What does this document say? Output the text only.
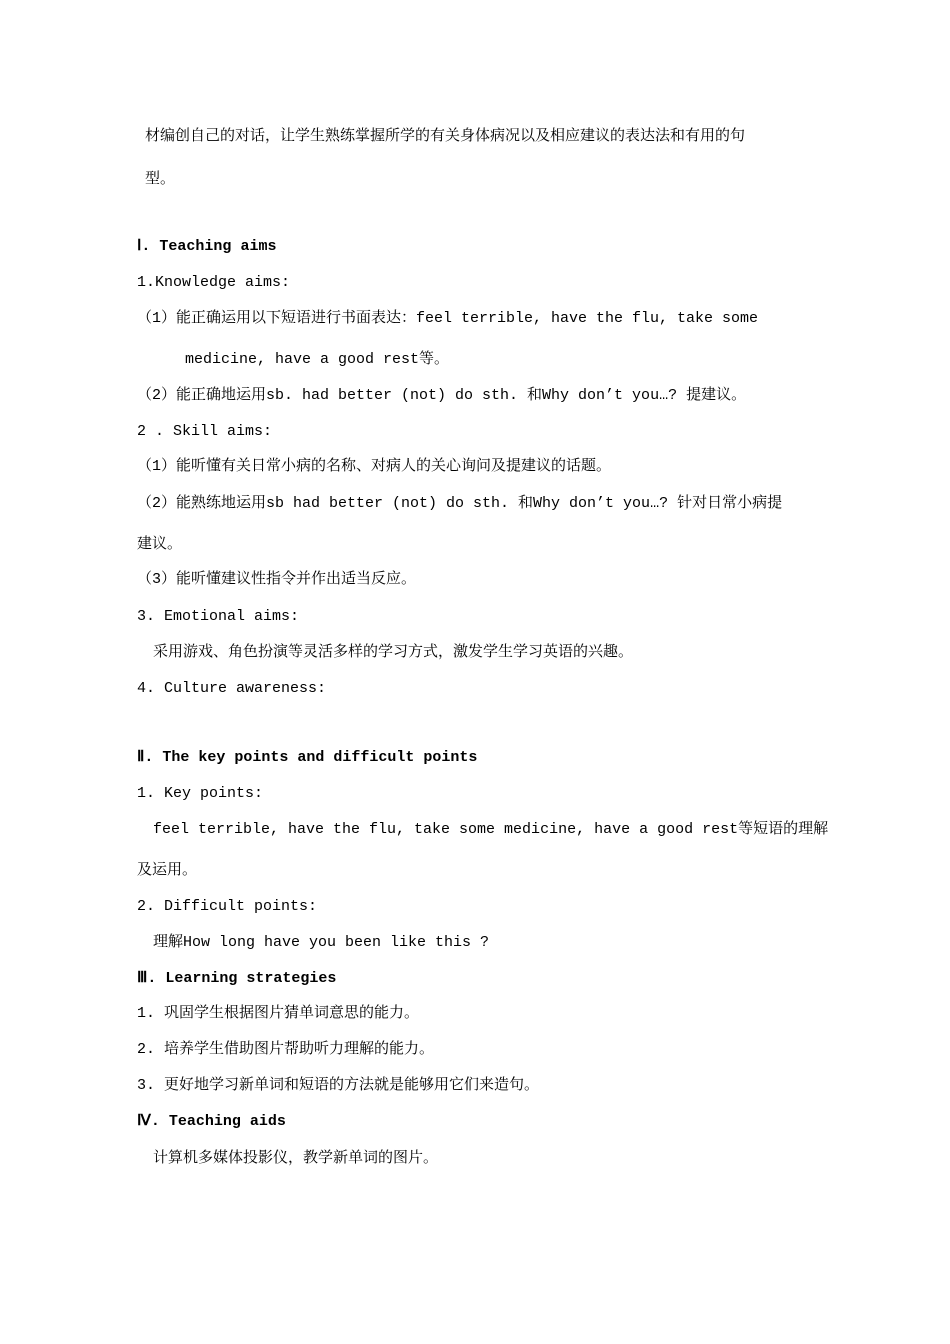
材编创自己的对话，让学生熟练掌握所学的有关身体病况以及相应建议的表达法和有用的句
型。
Ⅰ. Teaching aims
1.Knowledge aims:
（1）能正确运用以下短语进行书面表达：feel terrible, have the flu, take some
medicine, have a good rest等。
（2）能正确地运用sb. had better (not) do sth. 和Why don’t you…? 提建议。
2 . Skill aims:
（1）能听懂有关日常小病的名称、对病人的关心询问及提建议的话题。
（2）能熟练地运用sb had better (not) do sth. 和Why don’t you…? 针对日常小病提
建议。
（3）能听懂建议性指令并作出适当反应。
3. Emotional aims:
采用游戏、角色扮演等灵活多样的学习方式，激发学生学习英语的兴趣。
4. Culture awareness:
Ⅱ. The key points and difficult points
1. Key points:
feel terrible, have the flu, take some medicine, have a good rest等短语的理解
及运用。
2. Difficult points:
理解How long have you been like this ?
Ⅲ. Learning strategies
1. 巩固学生根据图片猜单词意思的能力。
2. 培养学生借助图片帮助听力理解的能力。
3. 更好地学习新单词和短语的方法就是能够用它们来造句。
Ⅳ. Teaching aids
计算机多媒体投影仪，教学新单词的图片。
